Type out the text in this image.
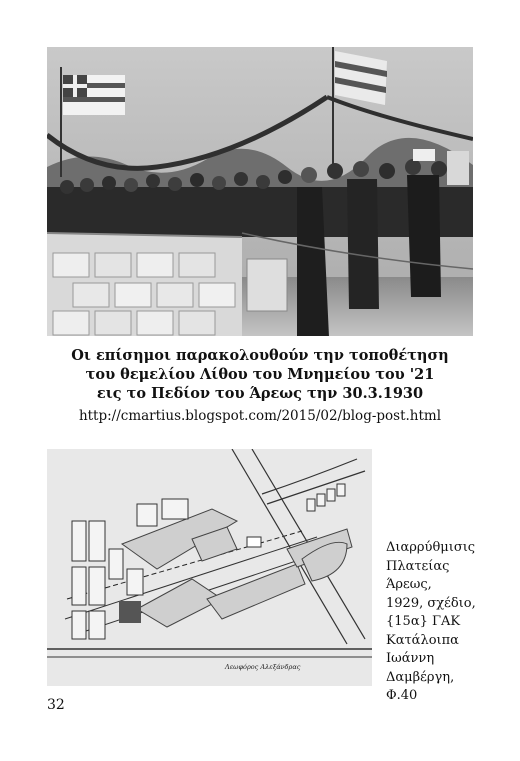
Οι επίσημοι παρακολουθούν την τοποθέτηση
του θεμελίου Λίθου του Μνημείου του '21
εις το Πεδίον του Άρεως την 30.3.1930
http://cmartius.blogspot.com/2015/02/blog-post.html
Λεωφόρος Αλεξάνδρας
Διαρρύθμισις
Πλατείας
Άρεως,
1929, σχέδιο,
{15α} ΓΑΚ
Κατάλοιπα
Ιωάννη
Δαμβέργη,
Φ.40
32
